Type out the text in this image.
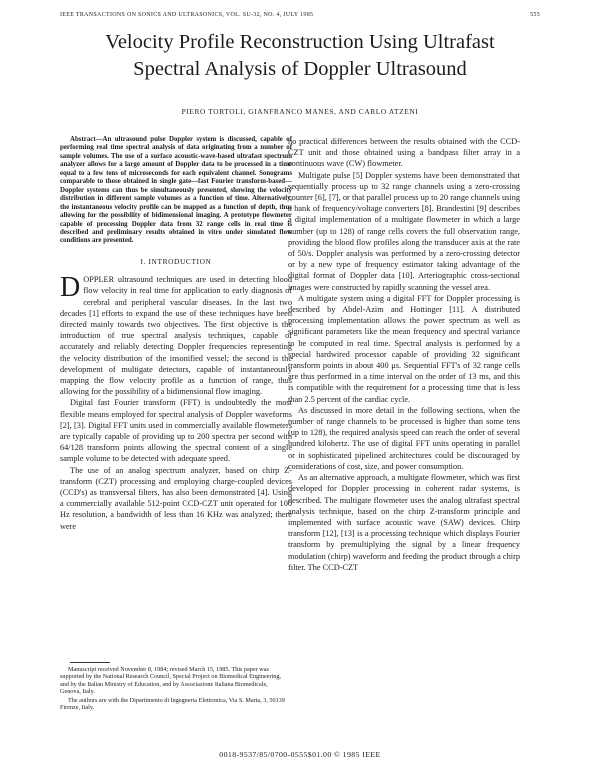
IEEE TRANSACTIONS ON SONICS AND ULTRASONICS, VOL. SU-32, NO. 4, JULY 1985	555
Velocity Profile Reconstruction Using Ultrafast
Spectral Analysis of Doppler Ultrasound
PIERO TORTOLI, GIANFRANCO MANES, AND CARLO ATZENI

Abstract—An ultrasound pulse Doppler system is discussed, capable of performing real time spectral analysis of data originating from a number of sample volumes. The use of a surface acoustic-wave-based ultrafast spectrum analyzer allows for a large amount of Doppler data to be processed in a time equal to a few tens of microseconds for each equivalent channel. Sonograms comparable to those obtained in single gate—fast Fourier transform-based—Doppler systems can thus be simultaneously presented, showing the velocity distribution in different sample volumes as a function of time. Alternatively, the instantaneous velocity profile can be mapped as a function of depth, thus allowing for the possibility of bidimensional imaging. A prototype flowmeter capable of processing Doppler data from 32 range cells in real time is described and preliminary results obtained in vitro under simulated flow conditions are presented.

I. INTRODUCTION

DOPPLER ultrasound techniques are used in detecting blood flow velocity in real time for application to early diagnosis of cerebral and peripheral vascular diseases. In the last two decades [1] efforts to expand the use of these techniques have been directed mainly towards two objectives. The first objective is the introduction of true spectral analysis techniques, capable of accurately and reliably detecting Doppler frequencies representing the velocity distribution of the insonified vessel; the second is the development of multigate detectors, capable of instantaneously mapping the flow velocity profile as a function of range, thus allowing for the possibility of a bidimensional flow imaging.

Digital fast Fourier transform (FFT) is undoubtedly the most flexible means employed for spectral analysis of Doppler waveforms [2], [3]. Digital FFT units used in commercially available flowmeters are typically capable of providing up to 200 spectra per second with 64/128 transform points allowing the spectral content of a single sample volume to be detected with adequate speed.

The use of an analog spectrum analyzer, based on chirp Z-transform (CZT) processing and employing charge-coupled devices (CCD's) as transversal filters, has also been demonstrated [4]. Using a commercially available 512-point CCD-CZT unit operated for 100 Hz resolution, a bandwidth of less than 16 KHz was analyzed; there were

Manuscript received November 8, 1984; revised March 15, 1985. This paper was supported by the National Research Council, Special Project on Biomedical Engineering, and by the Italian Ministry of Education, and by Associazione Italiana Biomedicale, Genova, Italy.

The authors are with the Dipartimento di Ingegneria Elettronica, Via S. Marta, 3, 50139 Firenze, Italy.

no practical differences between the results obtained with the CCD-CZT unit and those obtained using a bandpass filter array in a continuous wave (CW) flowmeter.

Multigate pulse [5] Doppler systems have been demonstrated that sequentially process up to 32 range channels using a zero-crossing counter [6], [7], or that parallel process up to 20 range channels using a bank of frequency/voltage converters [8]. Brandestini [9] describes a digital implementation of a multigate flowmeter in which a large number (up to 128) of range cells covers the full observation range, providing the blood flow profiles along the transducer axis at the rate of 50/s. Doppler analysis was performed by a zero-crossing detector or by a new type of frequency estimator taking advantage of the digital format of Doppler data [10]. Arteriographic cross-sectional images were constructed by rapidly scanning the vessel area.

A multigate system using a digital FFT for Doppler processing is described by Abdel-Azim and Hottinger [11]. A distributed processing implementation allows the power spectrum as well as significant parameters like the mean frequency and spectral variance to be computed in real time. Spectral analysis is performed by a special hardwired processor capable of providing 32 significant transform points in about 400 μs. Sequential FFT's of 32 range cells are thus performed in a time interval on the order of 13 ms, and this is compatible with the requirement for a processing time that is less than 2.5 percent of the cardiac cycle.

As discussed in more detail in the following sections, when the number of range channels to be processed is higher than some tens (up to 128), the required analysis speed can reach the order of several hundred kilohertz. The use of digital FFT units operating in parallel or in sophisticated pipelined architectures could be discouraged by considerations of cost, size, and power consumption.

As an alternative approach, a multigate flowmeter, which was first developed for Doppler processing in coherent radar systems, is described. The multigate flowmeter uses the analog ultrafast spectral analysis technique, based on the chirp Z-transform principle and implemented with surface acoustic wave (SAW) devices. Chirp transform [12], [13] is a processing technique which displays Fourier transform by premultiplying the signal by a linear frequency modulation (chirp) waveform and feeding the product through a chirp filter. The CCD-CZT

0018-9537/85/0700-0555$01.00 © 1985 IEEE
